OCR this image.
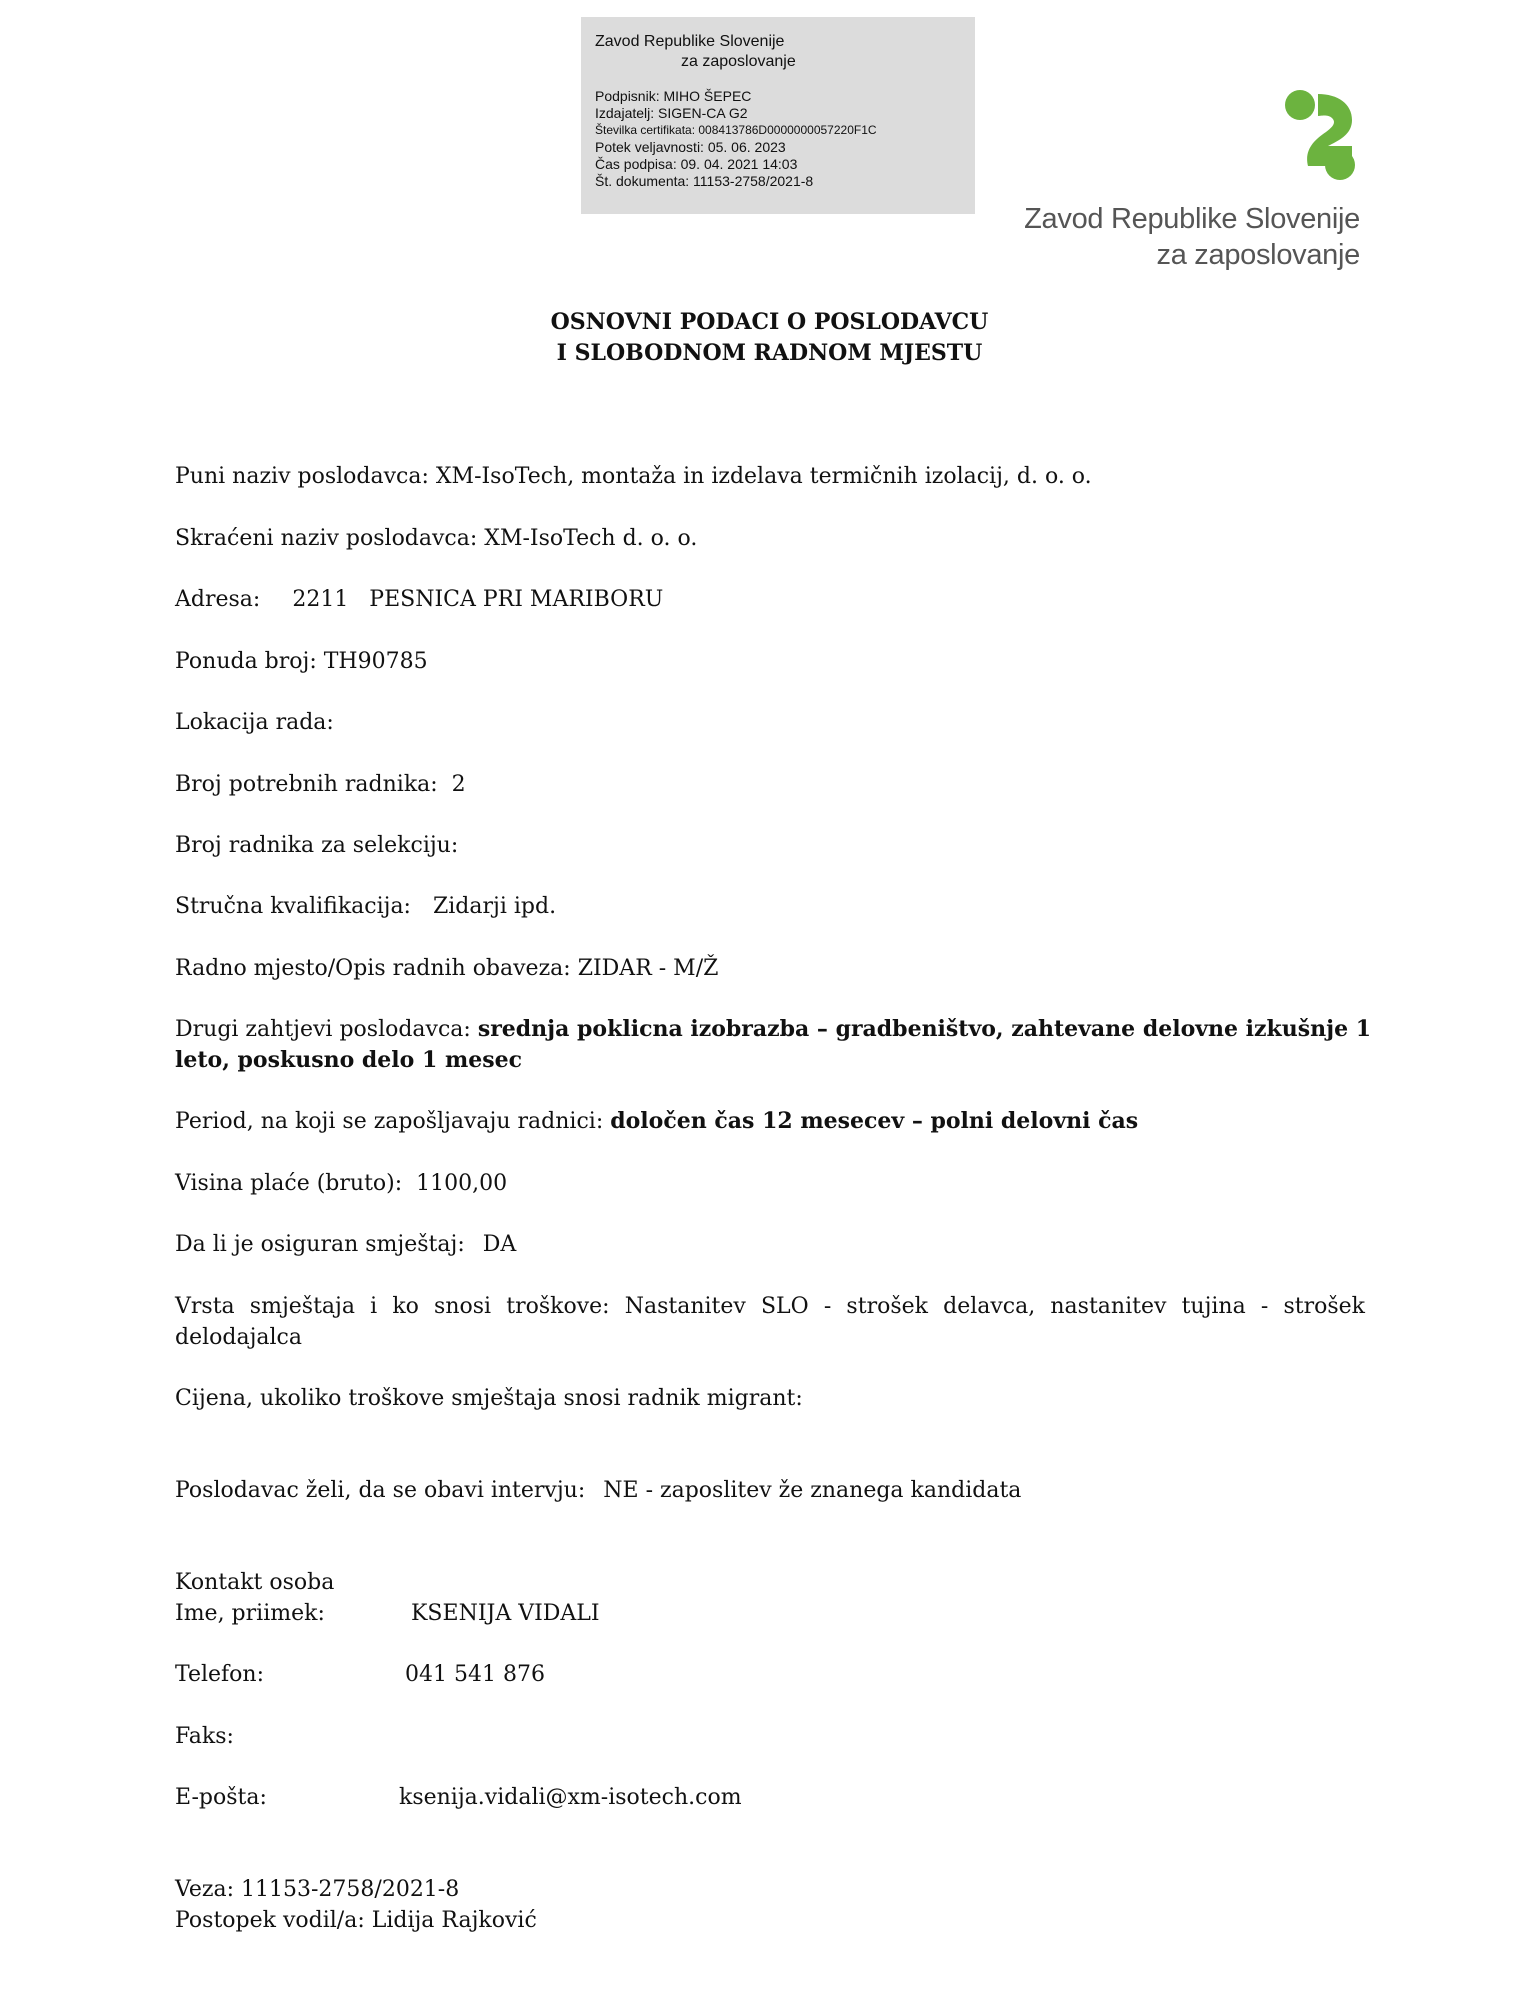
Zavod Republike Slovenije
za zaposlovanje
Podpisnik: MIHO ŠEPEC
Izdajatelj: SIGEN-CA G2
Številka certifikata: 008413786D0000000057220F1C
Potek veljavnosti: 05. 06. 2023
Čas podpisa: 09. 04. 2021 14:03
Št. dokumenta: 11153-2758/2021-8
Zavod Republike Slovenije
za zaposlovanje
OSNOVNI PODACI O POSLODAVCU
I SLOBODNOM RADNOM MJESTU
Puni naziv poslodavca: XM-IsoTech, montaža in izdelava termičnih izolacij, d. o. o.
Skraćeni naziv poslodavca: XM-IsoTech d. o. o.
Adresa: 2211   PESNICA PRI MARIBORU
Ponuda broj: TH90785
Lokacija rada:
Broj potrebnih radnika:  2
Broj radnika za selekciju:
Stručna kvalifikacija: Zidarji ipd.
Radno mjesto/Opis radnih obaveza: ZIDAR - M/Ž
Drugi zahtjevi poslodavca: srednja poklicna izobrazba – gradbeništvo, zahtevane delovne izkušnje 1
leto, poskusno delo 1 mesec
Period, na koji se zapošljavaju radnici: določen čas 12 mesecev – polni delovni čas
Visina plaće (bruto):  1100,00
Da li je osiguran smještaj: DA
Vrsta smještaja i ko snosi troškove: Nastanitev SLO - strošek delavca, nastanitev tujina - strošek
delodajalca
Cijena, ukoliko troškove smještaja snosi radnik migrant:
Poslodavac želi, da se obavi intervju: NE - zaposlitev že znanega kandidata
Kontakt osoba
Ime, priimek:	KSENIJA VIDALI
Telefon:	041 541 876
Faks:
E-pošta:	ksenija.vidali@xm-isotech.com
Veza: 11153-2758/2021-8
Postopek vodil/a: Lidija Rajković
